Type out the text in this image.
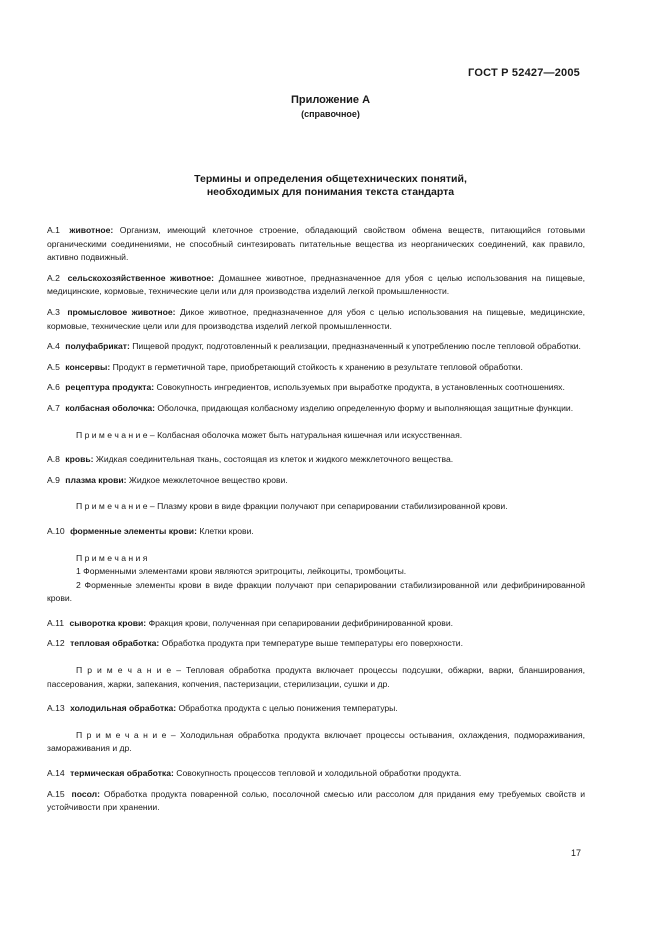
ГОСТ Р 52427—2005
Приложение А
(справочное)
Термины и определения общетехнических понятий,
необходимых для понимания текста стандарта

А.1 животное: Организм, имеющий клеточное строение, обладающий свойством обмена веществ, питающийся готовыми органическими соединениями, не способный синтезировать питательные вещества из неорганических соединений, как правило, активно подвижный.

А.2 сельскохозяйственное животное: Домашнее животное, предназначенное для убоя с целью использования на пищевые, медицинские, кормовые, технические цели или для производства изделий легкой промышленности.

А.3 промысловое животное: Дикое животное, предназначенное для убоя с целью использования на пищевые, медицинские, кормовые, технические цели или для производства изделий легкой промышленности.

А.4 полуфабрикат: Пищевой продукт, подготовленный к реализации, предназначенный к употреблению после тепловой обработки.

А.5 консервы: Продукт в герметичной таре, приобретающий стойкость к хранению в результате тепловой обработки.

А.6 рецептура продукта: Совокупность ингредиентов, используемых при выработке продукта, в установленных соотношениях.

А.7 колбасная оболочка: Оболочка, придающая колбасному изделию определенную форму и выполняющая защитные функции.

П р и м е ч а н и е – Колбасная оболочка может быть натуральная кишечная или искусственная.

А.8 кровь: Жидкая соединительная ткань, состоящая из клеток и жидкого межклеточного вещества.

А.9 плазма крови: Жидкое межклеточное вещество крови.

П р и м е ч а н и е – Плазму крови в виде фракции получают при сепарировании стабилизированной крови.

А.10 форменные элементы крови: Клетки крови.

П р и м е ч а н и я

1 Форменными элементами крови являются эритроциты, лейкоциты, тромбоциты.

2 Форменные элементы крови в виде фракции получают при сепарировании стабилизированной или дефибринированной крови.

А.11 сыворотка крови: Фракция крови, полученная при сепарировании дефибринированной крови.

А.12 тепловая обработка: Обработка продукта при температуре выше температуры его поверхности.

П р и м е ч а н и е – Тепловая обработка продукта включает процессы подсушки, обжарки, варки, бланширования, пассерования, жарки, запекания, копчения, пастеризации, стерилизации, сушки и др.

А.13 холодильная обработка: Обработка продукта с целью понижения температуры.

П р и м е ч а н и е – Холодильная обработка продукта включает процессы остывания, охлаждения, подмораживания, замораживания и др.

А.14 термическая обработка: Совокупность процессов тепловой и холодильной обработки продукта.

А.15 посол: Обработка продукта поваренной солью, посолочной смесью или рассолом для придания ему требуемых свойств и устойчивости при хранении.

17
